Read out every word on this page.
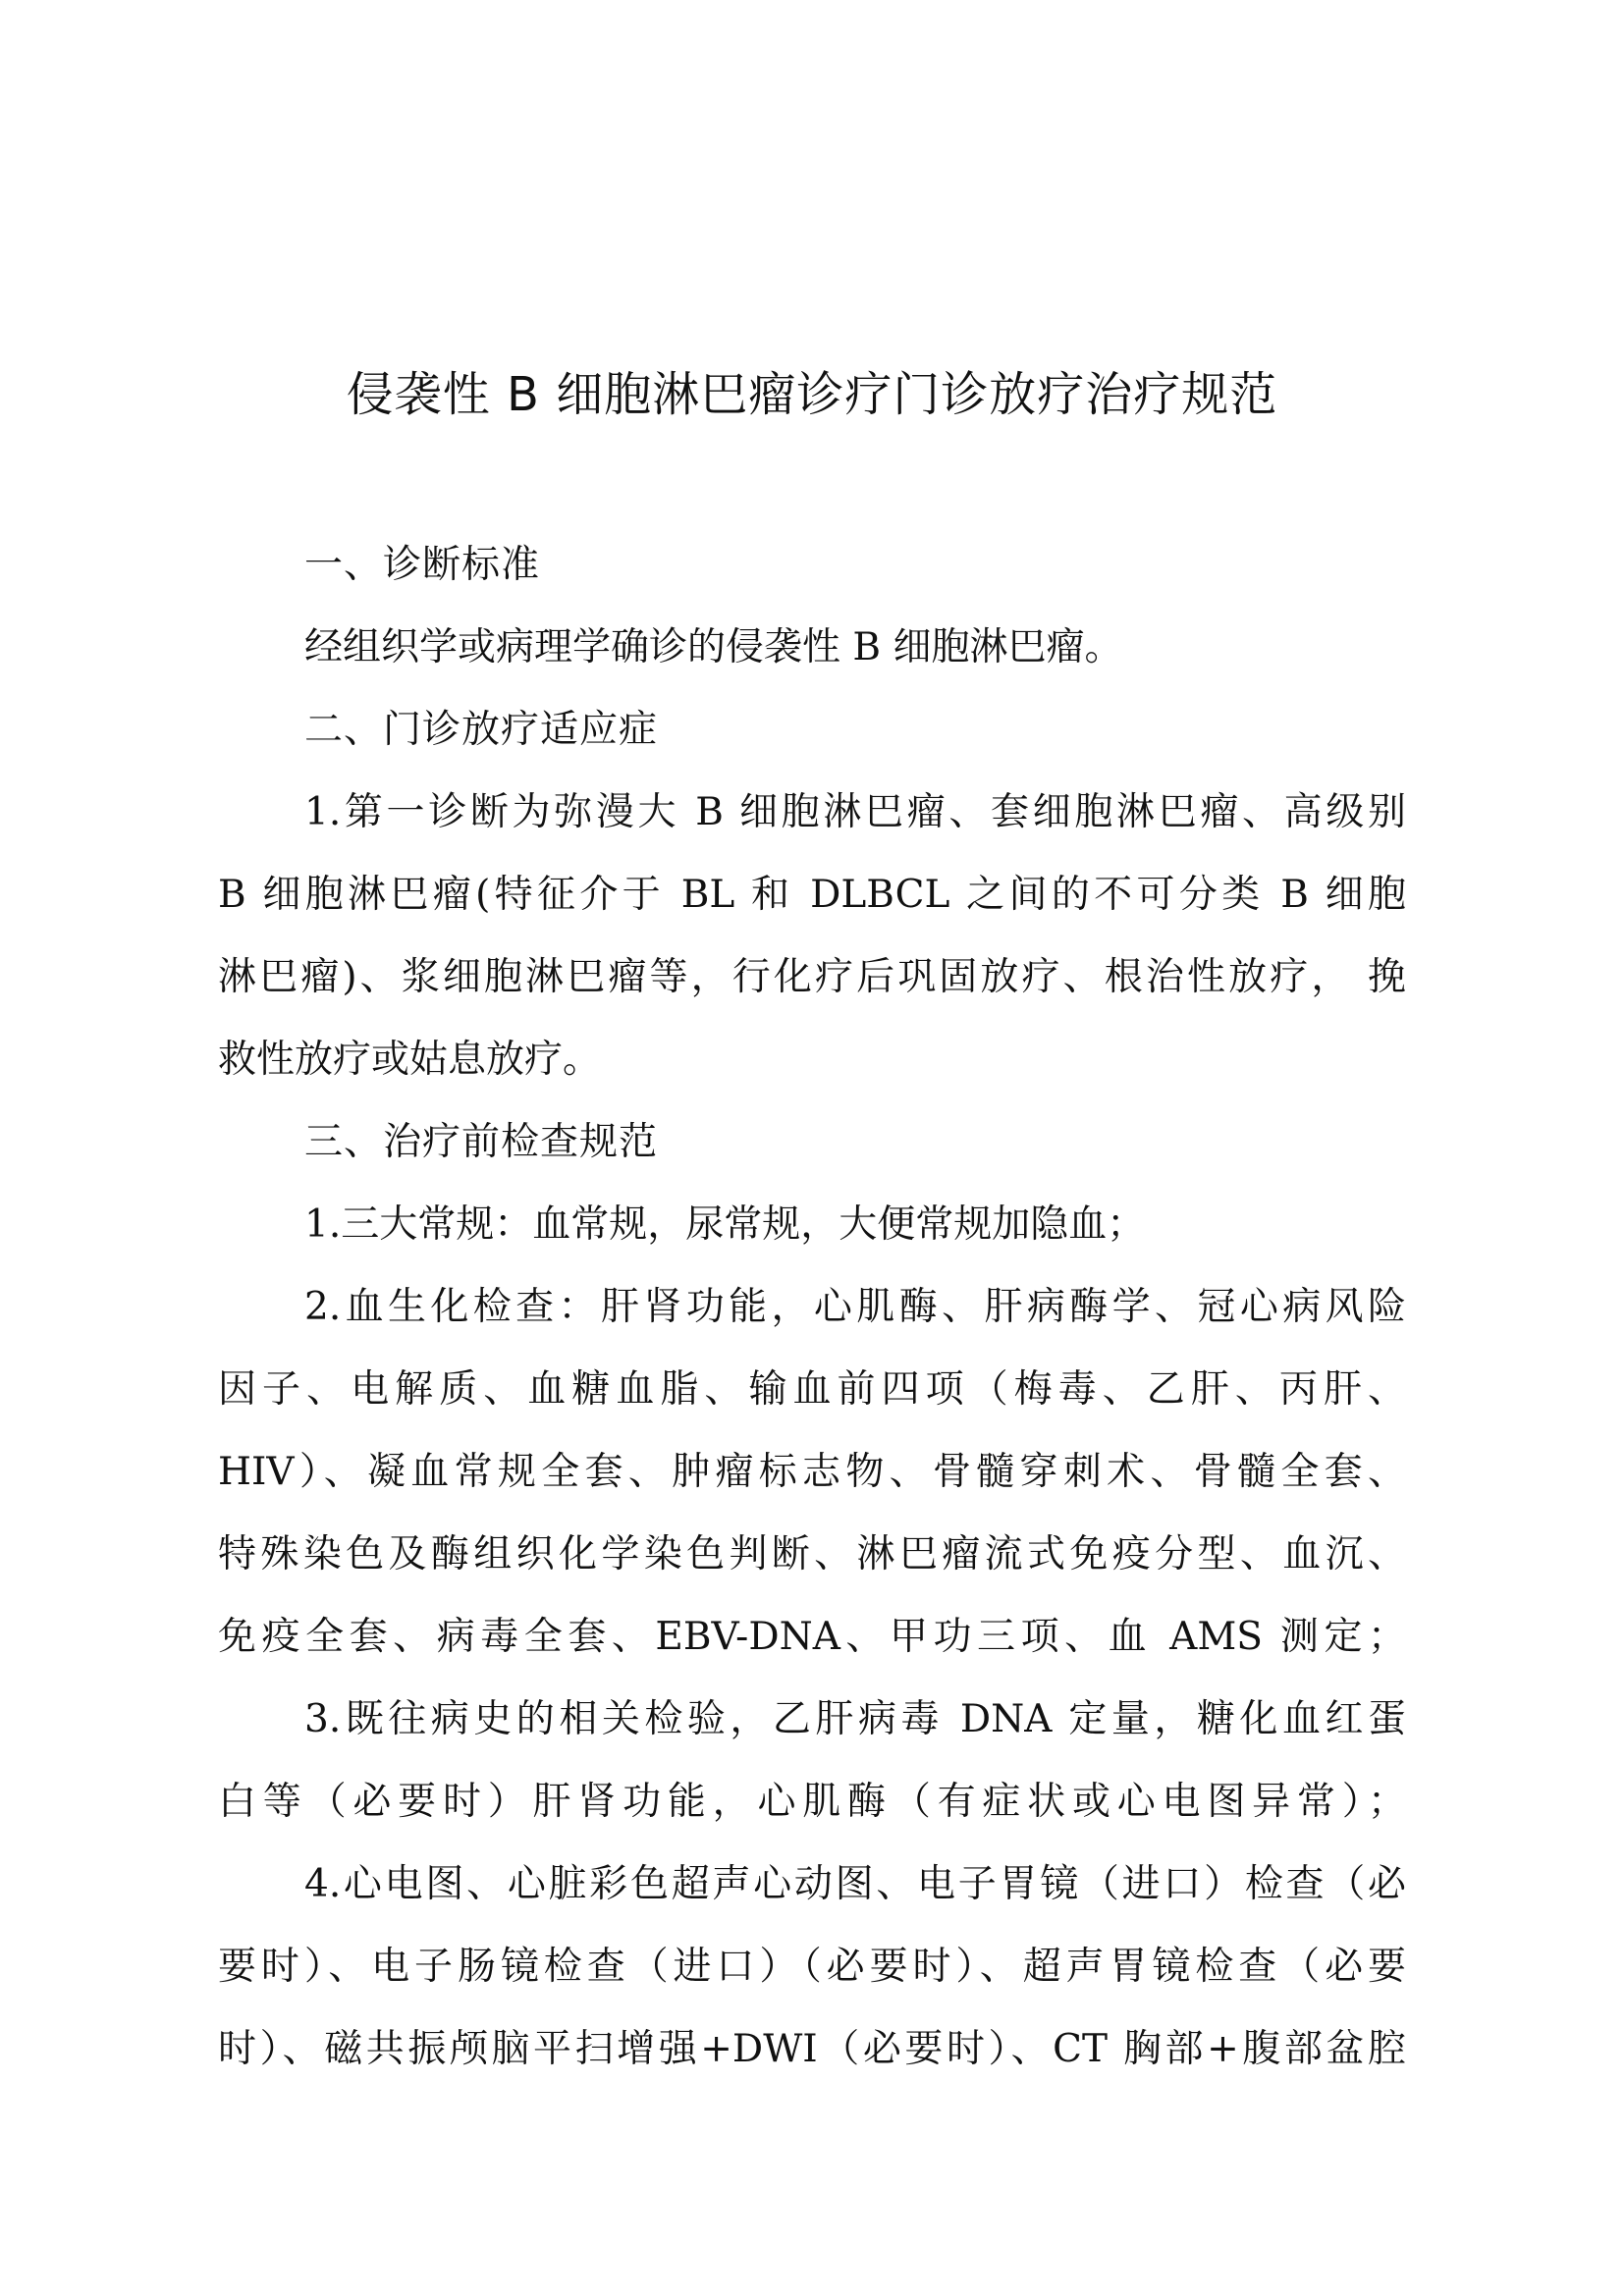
侵袭性 B 细胞淋巴瘤诊疗门诊放疗治疗规范
一、诊断标准
经组织学或病理学确诊的侵袭性 B 细胞淋巴瘤。
二、门诊放疗适应症
1.第一诊断为弥漫大 B 细胞淋巴瘤、套细胞淋巴瘤、高级别
B 细胞淋巴瘤(特征介于 BL 和 DLBCL 之间的不可分类 B 细胞
淋巴瘤)、浆细胞淋巴瘤等，行化疗后巩固放疗、根治性放疗， 挽
救性放疗或姑息放疗。
三、治疗前检查规范
1.三大常规：血常规，尿常规，大便常规加隐血；
2.血生化检查：肝肾功能，心肌酶、肝病酶学、冠心病风险
因子、电解质、血糖血脂、输血前四项（梅毒、乙肝、丙肝、
HIV）、凝血常规全套、肿瘤标志物、骨髓穿刺术、骨髓全套、
特殊染色及酶组织化学染色判断、淋巴瘤流式免疫分型、血沉、
免疫全套、病毒全套、EBV-DNA、甲功三项、血 AMS 测定；
3.既往病史的相关检验，乙肝病毒 DNA 定量，糖化血红蛋
白等（必要时）肝肾功能，心肌酶（有症状或心电图异常）；
4.心电图、心脏彩色超声心动图、电子胃镜（进口）检查（必
要时）、电子肠镜检查（进口）（必要时）、超声胃镜检查（必要
时）、磁共振颅脑平扫增强+DWI（必要时）、CT 胸部+腹部盆腔
